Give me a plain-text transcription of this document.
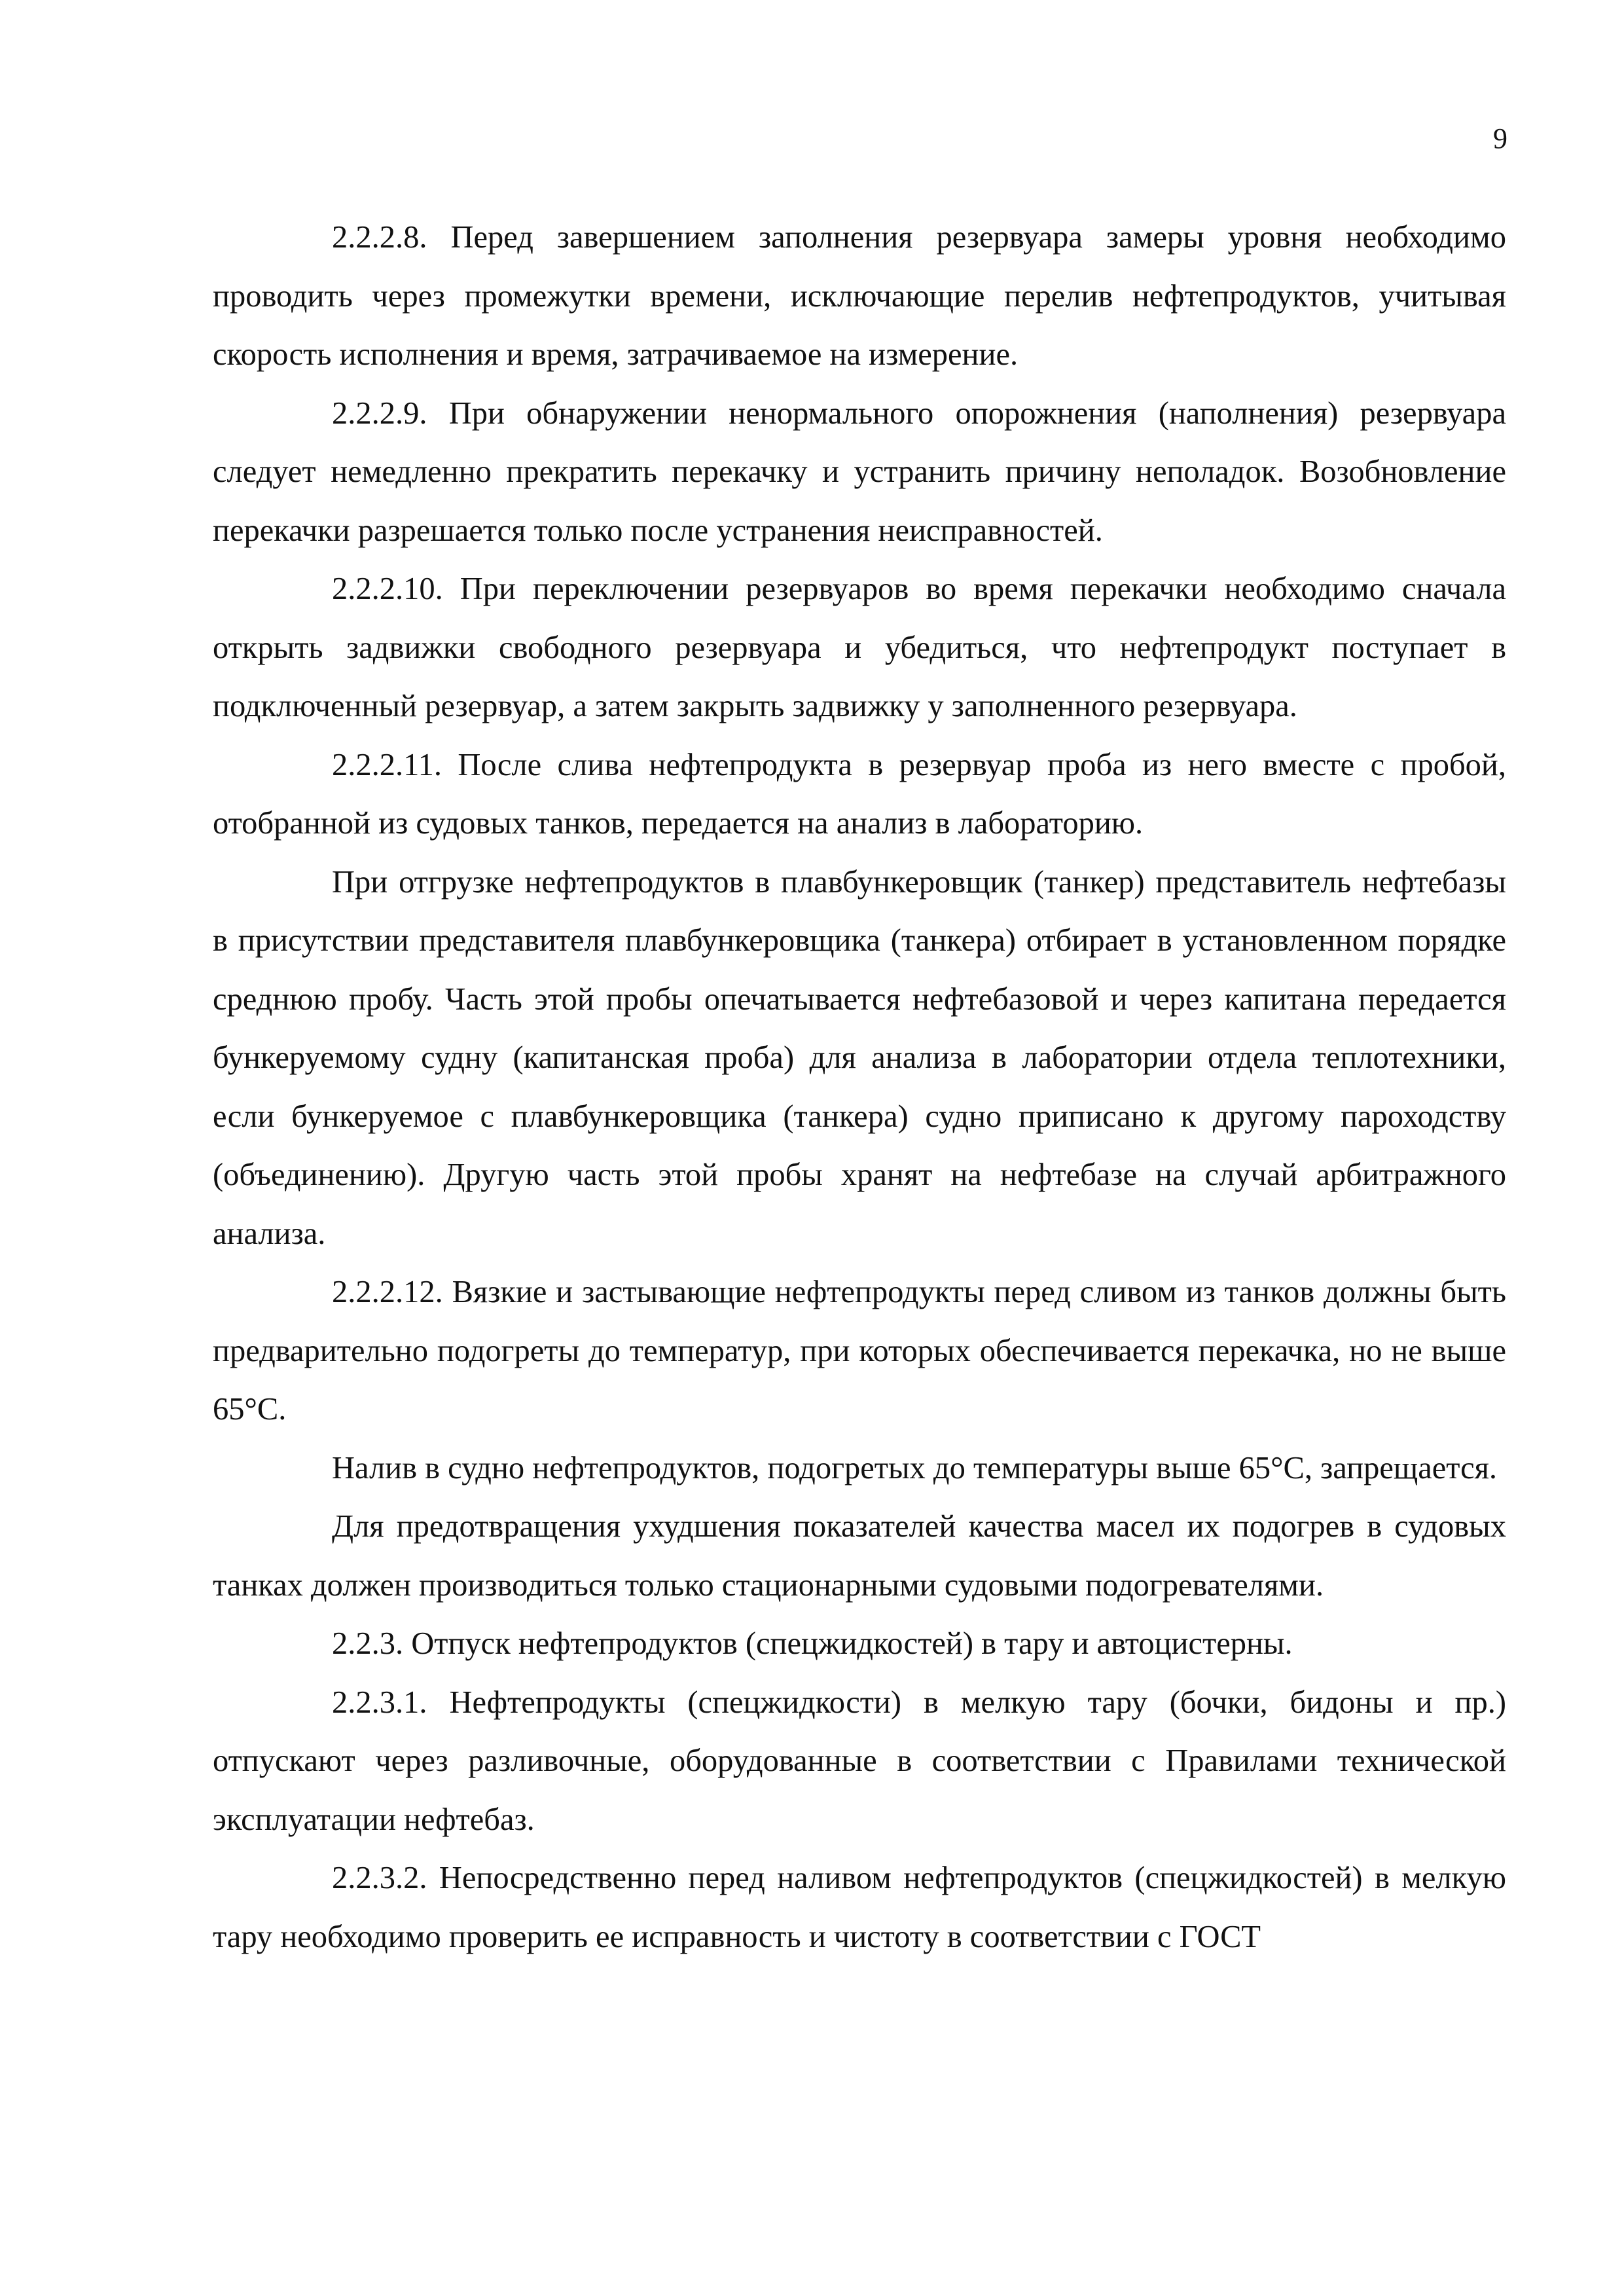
9

2.2.2.8. Перед завершением заполнения резервуара замеры уровня необходимо проводить через промежутки времени, исключающие перелив нефтепродуктов, учитывая скорость исполнения и время, затрачиваемое на измерение.

2.2.2.9. При обнаружении ненормального опорожнения (наполнения) резервуара следует немедленно прекратить перекачку и устранить причину неполадок. Возобновление перекачки разрешается только после устранения неисправностей.

2.2.2.10. При переключении резервуаров во время перекачки необходимо сначала открыть задвижки свободного резервуара и убедиться, что нефтепродукт поступает в подключенный резервуар, а затем закрыть задвижку у заполненного резервуара.

2.2.2.11. После слива нефтепродукта в резервуар проба из него вместе с пробой, отобранной из судовых танков, передается на анализ в лабораторию.

При отгрузке нефтепродуктов в плавбункеровщик (танкер) представитель нефтебазы в присутствии представителя плавбункеровщика (танкера) отбирает в установленном порядке среднюю пробу. Часть этой пробы опечатывается нефтебазовой и через капитана передается бункеруемому судну (капитанская проба) для анализа в лаборатории отдела теплотехники, если бункеруемое с плавбункеровщика (танкера) судно приписано к другому пароходству (объединению). Другую часть этой пробы хранят на нефтебазе на случай арбитражного анализа.

2.2.2.12. Вязкие и застывающие нефтепродукты перед сливом из танков должны быть предварительно подогреты до температур, при которых обеспечивается перекачка, но не выше 65°С.

Налив в судно нефтепродуктов, подогретых до температуры выше 65°С, запрещается.

Для предотвращения ухудшения показателей качества масел их подогрев в судовых танках должен производиться только стационарными судовыми подогревателями.

2.2.3. Отпуск нефтепродуктов (спецжидкостей) в тару и автоцистерны.

2.2.3.1. Нефтепродукты (спецжидкости) в мелкую тару (бочки, бидоны и пр.) отпускают через разливочные, оборудованные в соответствии с Правилами технической эксплуатации нефтебаз.

2.2.3.2. Непосредственно перед наливом нефтепродуктов (спецжидкостей) в мелкую тару необходимо проверить ее исправность и чистоту в соответствии с ГОСТ
